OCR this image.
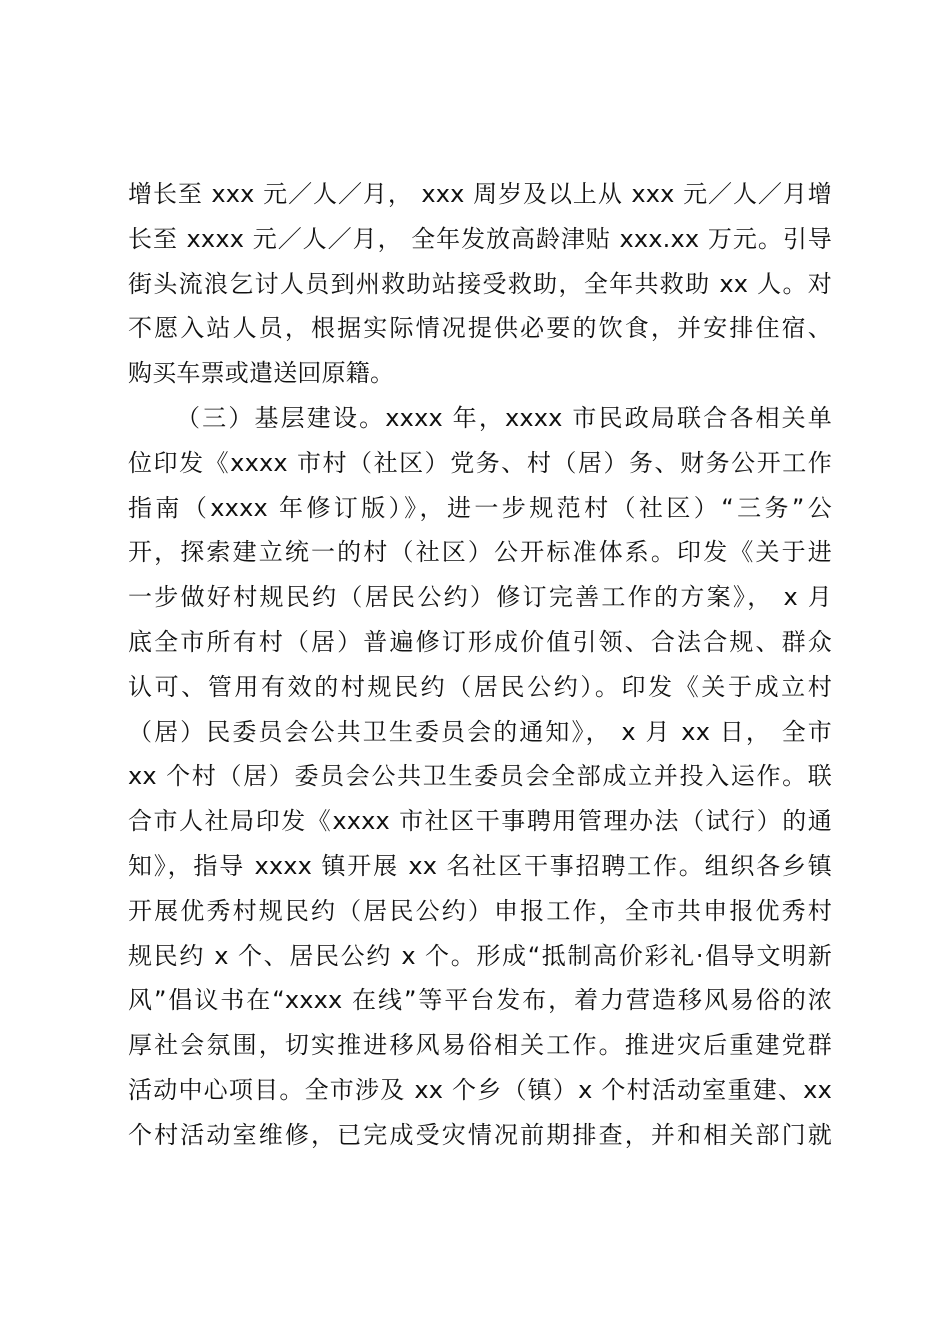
增长至 xxx 元／人／月， xxx 周岁及以上从 xxx 元／人／月增
长至 xxxx 元／人／月， 全年发放高龄津贴 xxx.xx 万元。引导
街头流浪乞讨人员到州救助站接受救助，全年共救助 xx 人。对
不愿入站人员，根据实际情况提供必要的饮食，并安排住宿、
购买车票或遣送回原籍。
（三）基层建设。xxxx 年，xxxx 市民政局联合各相关单
位印发《xxxx 市村（社区）党务、村（居）务、财务公开工作
指南（xxxx 年修订版）》，进一步规范村（社区）“三务”公
开，探索建立统一的村（社区）公开标准体系。印发《关于进
一步做好村规民约（居民公约）修订完善工作的方案》， x 月
底全市所有村（居）普遍修订形成价值引领、合法合规、群众
认可、管用有效的村规民约（居民公约）。印发《关于成立村
（居）民委员会公共卫生委员会的通知》， x 月 xx 日， 全市
xx 个村（居）委员会公共卫生委员会全部成立并投入运作。联
合市人社局印发《xxxx 市社区干事聘用管理办法（试行）的通
知》，指导 xxxx 镇开展 xx 名社区干事招聘工作。组织各乡镇
开展优秀村规民约（居民公约）申报工作，全市共申报优秀村
规民约 x 个、居民公约 x 个。形成“抵制高价彩礼·倡导文明新
风”倡议书在“xxxx 在线”等平台发布，着力营造移风易俗的浓
厚社会氛围，切实推进移风易俗相关工作。推进灾后重建党群
活动中心项目。全市涉及 xx 个乡（镇）x 个村活动室重建、xx
个村活动室维修，已完成受灾情况前期排查，并和相关部门就
